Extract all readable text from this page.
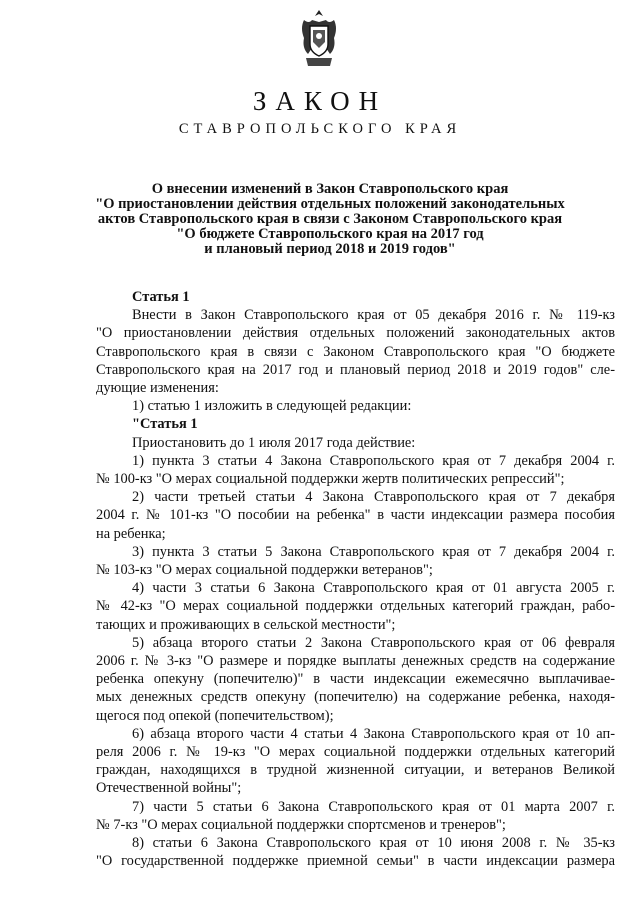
ЗАКОН
СТАВРОПОЛЬСКОГО КРАЯ
О внесении изменений в Закон Ставропольского края
"О приостановлении действия отдельных положений законодательных
актов Ставропольского края в связи с Законом Ставропольского края
"О бюджете Ставропольского края на 2017 год
и плановый период 2018 и 2019 годов"
Статья 1
Внести в Закон Ставропольского края от 05 декабря 2016 г. № 119-кз
"О приостановлении действия отдельных положений законодательных актов
Ставропольского края в связи с Законом Ставропольского края "О бюджете
Ставропольского края на 2017 год и плановый период 2018 и 2019 годов" сле-
дующие изменения:
1) статью 1 изложить в следующей редакции:
"Статья 1
Приостановить до 1 июля 2017 года действие:
1) пункта 3 статьи 4 Закона Ставропольского края от 7 декабря 2004 г.
№ 100-кз "О мерах социальной поддержки жертв политических репрессий";
2) части третьей статьи 4 Закона Ставропольского края от 7 декабря
2004 г. № 101-кз "О пособии на ребенка" в части индексации размера пособия
на ребенка;
3) пункта 3 статьи 5 Закона Ставропольского края от 7 декабря 2004 г.
№ 103-кз "О мерах социальной поддержки ветеранов";
4) части 3 статьи 6 Закона Ставропольского края от 01 августа 2005 г.
№ 42-кз "О мерах социальной поддержки отдельных категорий граждан, рабо-
тающих и проживающих в сельской местности";
5) абзаца второго статьи 2 Закона Ставропольского края от 06 февраля
2006 г. № 3-кз "О размере и порядке выплаты денежных средств на содержание
ребенка опекуну (попечителю)" в части индексации ежемесячно выплачивае-
мых денежных средств опекуну (попечителю) на содержание ребенка, находя-
щегося под опекой (попечительством);
6) абзаца второго части 4 статьи 4 Закона Ставропольского края от 10 ап-
реля 2006 г. № 19-кз "О мерах социальной поддержки отдельных категорий
граждан, находящихся в трудной жизненной ситуации, и ветеранов Великой
Отечественной войны";
7) части 5 статьи 6 Закона Ставропольского края от 01 марта 2007 г.
№ 7-кз "О мерах социальной поддержки спортсменов и тренеров";
8) статьи 6 Закона Ставропольского края от 10 июня 2008 г. № 35-кз
"О государственной поддержке приемной семьи" в части индексации размера
